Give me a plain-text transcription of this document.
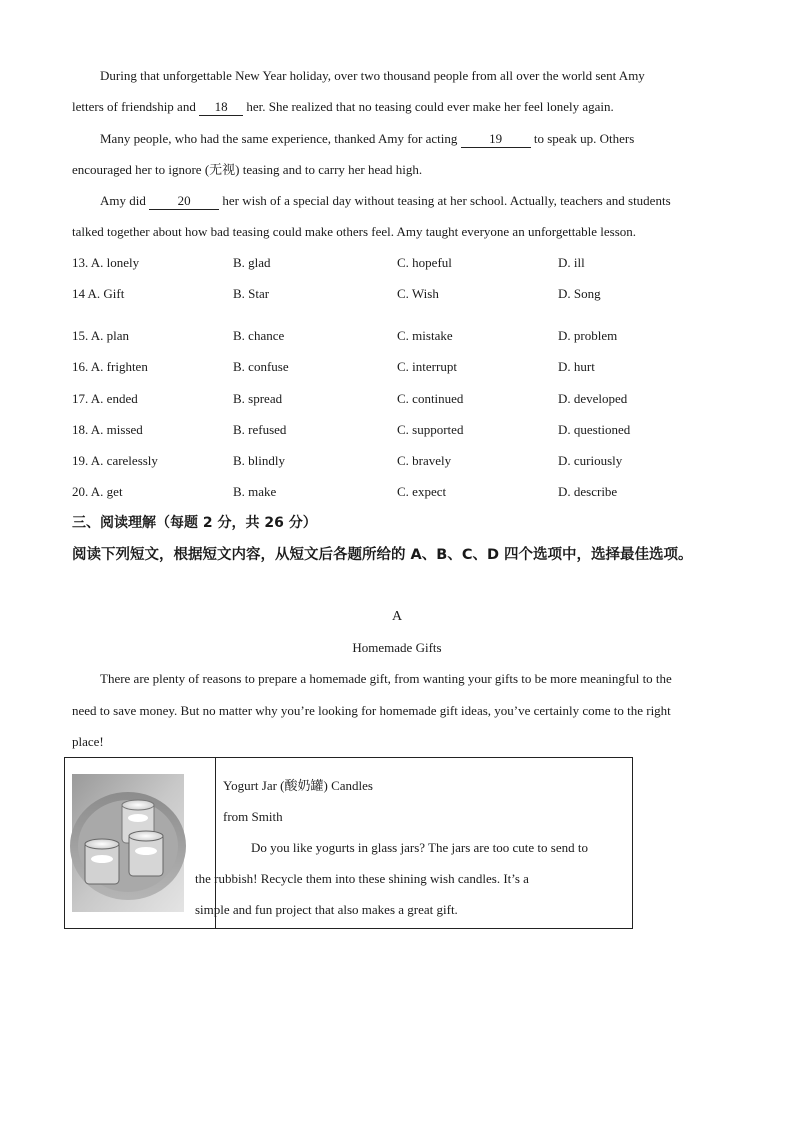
During that unforgettable New Year holiday, over two thousand people from all over the world sent Amy
letters of friendship and 18 her. She realized that no teasing could ever make her feel lonely again.
Many people, who had the same experience, thanked Amy for acting 19 to speak up. Others
encouraged her to ignore (无视) teasing and to carry her head high.
Amy did 20 her wish of a special day without teasing at her school. Actually, teachers and students
talked together about how bad teasing could make others feel. Amy taught everyone an unforgettable lesson.
13. A. lonely	B. glad	C. hopeful	D. ill
14 A. Gift	B. Star	C. Wish	D. Song
15. A. plan	B. chance	C. mistake	D. problem
16. A. frighten	B. confuse	C. interrupt	D. hurt
17. A. ended	B. spread	C. continued	D. developed
18. A. missed	B. refused	C. supported	D. questioned
19. A. carelessly	B. blindly	C. bravely	D. curiously
20. A. get	B. make	C. expect	D. describe
三、阅读理解（每题 2 分，共 26 分）
阅读下列短文，根据短文内容，从短文后各题所给的 A、B、C、D 四个选项中，选择最佳选项。
A
Homemade Gifts
There are plenty of reasons to prepare a homemade gift, from wanting your gifts to be more meaningful to the
need to save money. But no matter why you’re looking for homemade gift ideas, you’ve certainly come to the right
place!

Yogurt Jar (酸奶罐) Candles
from Smith
Do you like yogurts in glass jars? The jars are too cute to send to
the rubbish! Recycle them into these shining wish candles. It’s a
simple and fun project that also makes a great gift.
